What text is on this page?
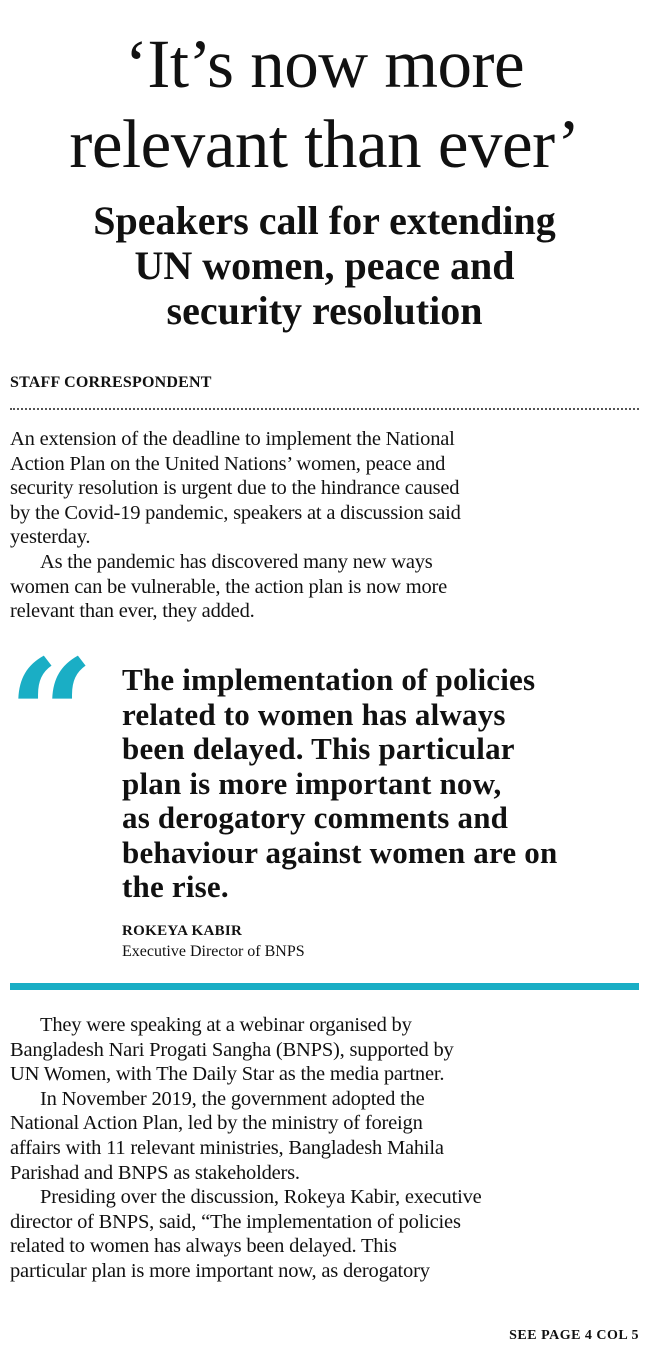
‘It’s now more
relevant than ever’
Speakers call for extending
UN women, peace and
security resolution

STAFF CORRESPONDENT

An extension of the deadline to implement the National
Action Plan on the United Nations’ women, peace and
security resolution is urgent due to the hindrance caused
by the Covid-19 pandemic, speakers at a discussion said
yesterday.

As the pandemic has discovered many new ways
women can be vulnerable, the action plan is now more
relevant than ever, they added.

“ The implementation of policies
related to women has always
been delayed. This particular
plan is more important now,
as derogatory comments and
behaviour against women are on
the rise.

ROKEYA KABIR

Executive Director of BNPS

They were speaking at a webinar organised by
Bangladesh Nari Progati Sangha (BNPS), supported by
UN Women, with The Daily Star as the media partner.

In November 2019, the government adopted the
National Action Plan, led by the ministry of foreign
affairs with 11 relevant ministries, Bangladesh Mahila
Parishad and BNPS as stakeholders.

Presiding over the discussion, Rokeya Kabir, executive
director of BNPS, said, “The implementation of policies
related to women has always been delayed. This
particular plan is more important now, as derogatory

SEE PAGE 4 COL 5
